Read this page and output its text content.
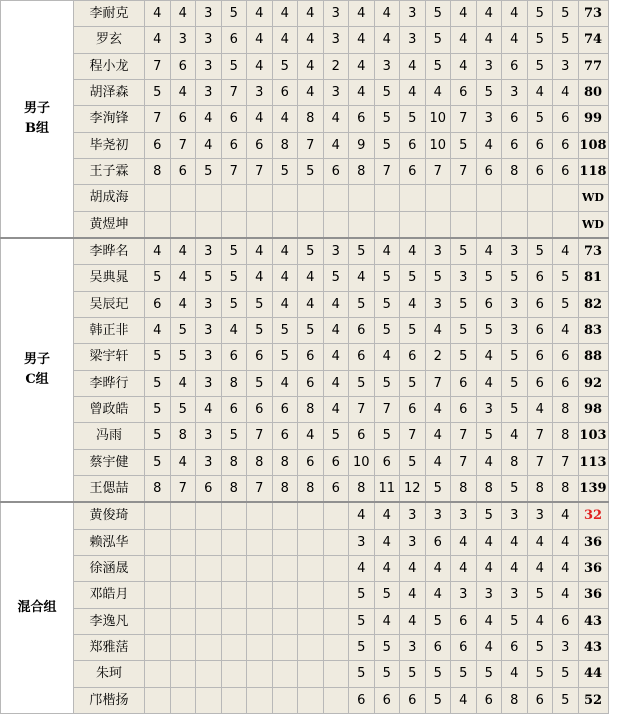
男子
B组	李耐克	4	4	3	5	4	4	4	3	4	4	3	5	4	4	4	5	5	73
	罗玄	4	3	3	6	4	4	4	3	4	4	3	5	4	4	4	5	5	74
	程小龙	7	6	3	5	4	5	4	2	4	3	4	5	4	3	6	5	3	77
	胡泽森	5	4	3	7	3	6	4	3	4	5	4	4	6	5	3	4	4	80
	李洵锋	7	6	4	6	4	4	8	4	6	5	5	10	7	3	6	5	6	99
	毕尧初	6	7	4	6	6	8	7	4	9	5	6	10	5	4	6	6	6	108
	王子霖	8	6	5	7	7	5	5	6	8	7	6	7	7	6	8	6	6	118
	胡成海																		WD
	黄煜坤																		WD

男子
C组	李晔名	4	4	3	5	4	4	5	3	5	4	4	3	5	4	3	5	4	73
	吴典晁	5	4	5	5	4	4	4	5	4	5	5	5	3	5	5	6	5	81
	吴辰玘	6	4	3	5	5	4	4	4	5	5	4	3	5	6	3	6	5	82
	韩正非	4	5	3	4	5	5	5	4	6	5	5	4	5	5	3	6	4	83
	梁宇轩	5	5	3	6	6	5	6	4	6	4	6	2	5	4	5	6	6	88
	李晔行	5	4	3	8	5	4	6	4	5	5	5	7	6	4	5	6	6	92
	曾政皓	5	5	4	6	6	6	8	4	7	7	6	4	6	3	5	4	8	98
	冯雨	5	8	3	5	7	6	4	5	6	5	7	4	7	5	4	7	8	103
	蔡宇健	5	4	3	8	8	8	6	6	10	6	5	4	7	4	8	7	7	113
	王偲喆	8	7	6	8	7	8	8	6	8	11	12	5	8	8	5	8	8	139

混合组	黄俊琦									4	4	3	3	3	5	3	3	4	32
	赖泓华									3	4	3	6	4	4	4	4	4	36
	徐涵晟									4	4	4	4	4	4	4	4	4	36
	邓皓月									5	5	4	4	3	3	3	5	4	36
	李逸凡									5	4	4	5	6	4	5	4	6	43
	郑雅萿									5	5	3	6	6	4	6	5	3	43
	朱珂									5	5	5	5	5	5	4	5	5	44
	邝楷扬									6	6	6	5	4	6	8	6	5	52
